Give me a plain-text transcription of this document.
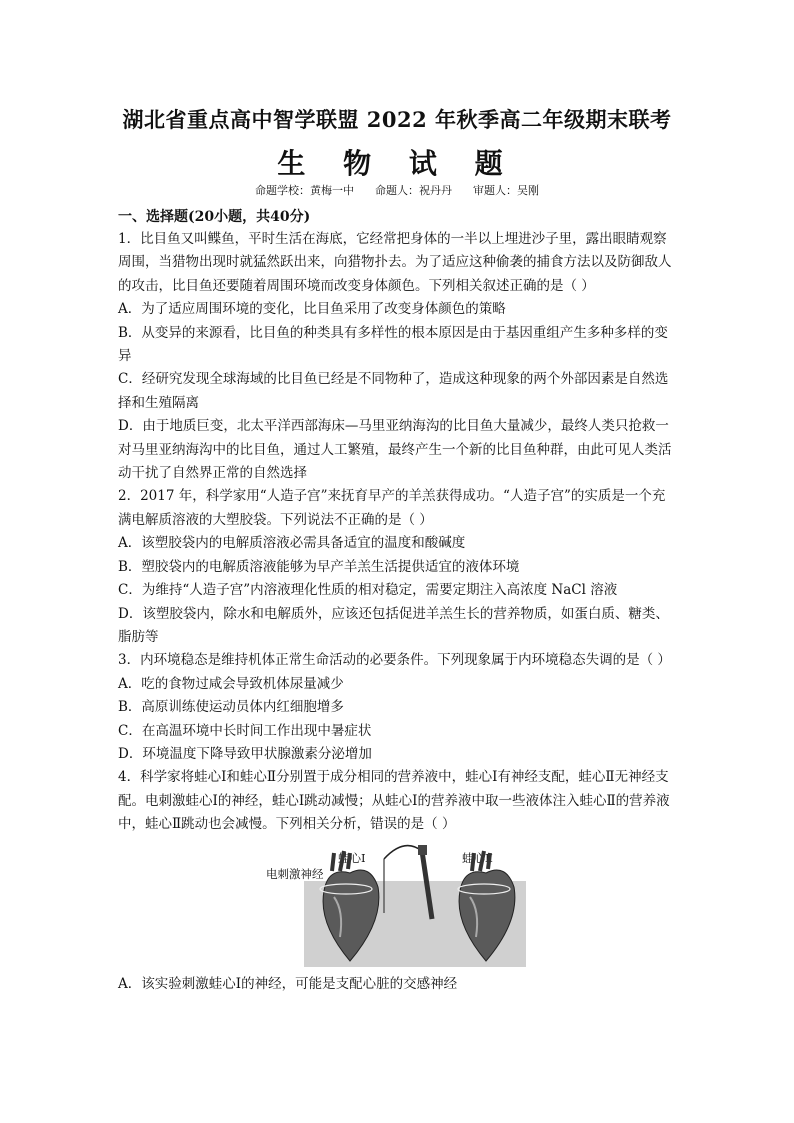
湖北省重点高中智学联盟 2022 年秋季高二年级期末联考
生 物 试 题
命题学校：黄梅一中      命题人：祝丹丹      审题人：吴刚
一、选择题(20小题，共40分)

1．比目鱼又叫鲽鱼，平时生活在海底，它经常把身体的一半以上埋进沙子里，露出眼睛观察周围，当猎物出现时就猛然跃出来，向猎物扑去。为了适应这种偷袭的捕食方法以及防御敌人的攻击，比目鱼还要随着周围环境而改变身体颜色。下列相关叙述正确的是（ ）

A．为了适应周围环境的变化，比目鱼采用了改变身体颜色的策略

B．从变异的来源看，比目鱼的种类具有多样性的根本原因是由于基因重组产生多种多样的变异

C．经研究发现全球海域的比目鱼已经是不同物种了，造成这种现象的两个外部因素是自然选择和生殖隔离

D．由于地质巨变，北太平洋西部海床—马里亚纳海沟的比目鱼大量减少，最终人类只抢救一对马里亚纳海沟中的比目鱼，通过人工繁殖，最终产生一个新的比目鱼种群，由此可见人类活动干扰了自然界正常的自然选择

2．2017 年，科学家用“人造子宫”来抚育早产的羊羔获得成功。“人造子宫”的实质是一个充满电解质溶液的大塑胶袋。下列说法不正确的是（ ）

A．该塑胶袋内的电解质溶液必需具备适宜的温度和酸碱度

B．塑胶袋内的电解质溶液能够为早产羊羔生活提供适宜的液体环境

C．为维持“人造子宫”内溶液理化性质的相对稳定，需要定期注入高浓度 NaCl 溶液

D．该塑胶袋内，除水和电解质外，应该还包括促进羊羔生长的营养物质，如蛋白质、糖类、脂肪等

3．内环境稳态是维持机体正常生命活动的必要条件。下列现象属于内环境稳态失调的是（ ）

A．吃的食物过咸会导致机体尿量减少

B．高原训练使运动员体内红细胞增多

C．在高温环境中长时间工作出现中暑症状

D．环境温度下降导致甲状腺激素分泌增加

4．科学家将蛙心Ⅰ和蛙心Ⅱ分别置于成分相同的营养液中，蛙心Ⅰ有神经支配，蛙心Ⅱ无神经支配。电刺激蛙心Ⅰ的神经，蛙心Ⅰ跳动减慢；从蛙心Ⅰ的营养液中取一些液体注入蛙心Ⅱ的营养液中，蛙心Ⅱ跳动也会减慢。下列相关分析，错误的是（ ）

电刺激神经
蛙心Ⅰ	蛙心Ⅱ

A．该实验刺激蛙心Ⅰ的神经，可能是支配心脏的交感神经
